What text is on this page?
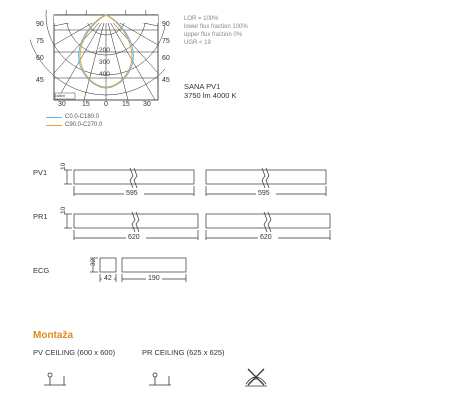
200
300
400
cd/klm
90
75
60
45
90
75
60
45
30 15 0 15 30
LOR = 100%
lower flux fraction 100%
upper flux fraction 0%
UGR < 19
SANA PV1
3750 lm 4000 K
C0.0-C180.0
C90.0-C270.0
PV1
10
595	595
PR1
10
620	620
ECG
32
42	190
Montaža
PV CEILING (600 x 600)	PR CEILING (625 x 625)
